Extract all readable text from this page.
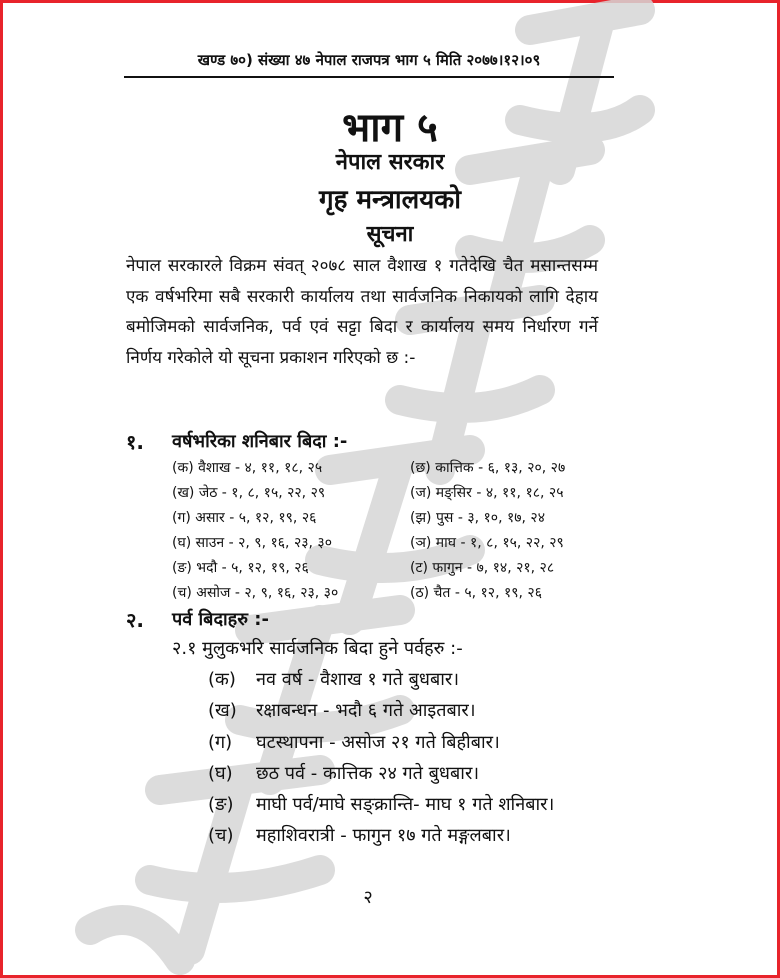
खण्ड ७०) संख्या ४७ नेपाल राजपत्र भाग ५ मिति २०७७।१२।०९
भाग ५
नेपाल सरकार
गृह मन्त्रालयको
सूचना
नेपाल सरकारले विक्रम संवत् २०७८ साल वैशाख १ गतेदेखि चैत मसान्तसम्म एक वर्षभरिमा सबै सरकारी कार्यालय तथा सार्वजनिक निकायको लागि देहाय बमोजिमको सार्वजनिक, पर्व एवं सट्टा बिदा र कार्यालय समय निर्धारण गर्ने निर्णय गरेकोले यो सूचना प्रकाशन गरिएको छ :-
१. वर्षभरिका शनिबार बिदा :-
(क) वैशाख - ४, ११, १८, २५
(ख) जेठ - १, ८, १५, २२, २९
(ग) असार - ५, १२, १९, २६
(घ) साउन - २, ९, १६, २३, ३०
(ङ) भदौ - ५, १२, १९, २६
(च) असोज - २, ९, १६, २३, ३०
(छ) कात्तिक - ६, १३, २०, २७
(ज) मङ्सिर - ४, ११, १८, २५
(झ) पुस - ३, १०, १७, २४
(ञ) माघ - १, ८, १५, २२, २९
(ट) फागुन - ७, १४, २१, २८
(ठ) चैत - ५, १२, १९, २६
२. पर्व बिदाहरु :-
२.१ मुलुकभरि सार्वजनिक बिदा हुने पर्वहरु :-
(क) नव वर्ष - वैशाख १ गते बुधबार।
(ख) रक्षाबन्धन - भदौ ६ गते आइतबार।
(ग) घटस्थापना - असोज २१ गते बिहीबार।
(घ) छठ पर्व - कात्तिक २४ गते बुधबार।
(ङ) माघी पर्व/माघे सङ्क्रान्ति- माघ १ गते शनिबार।
(च) महाशिवरात्री - फागुन १७ गते मङ्गलबार।
२
